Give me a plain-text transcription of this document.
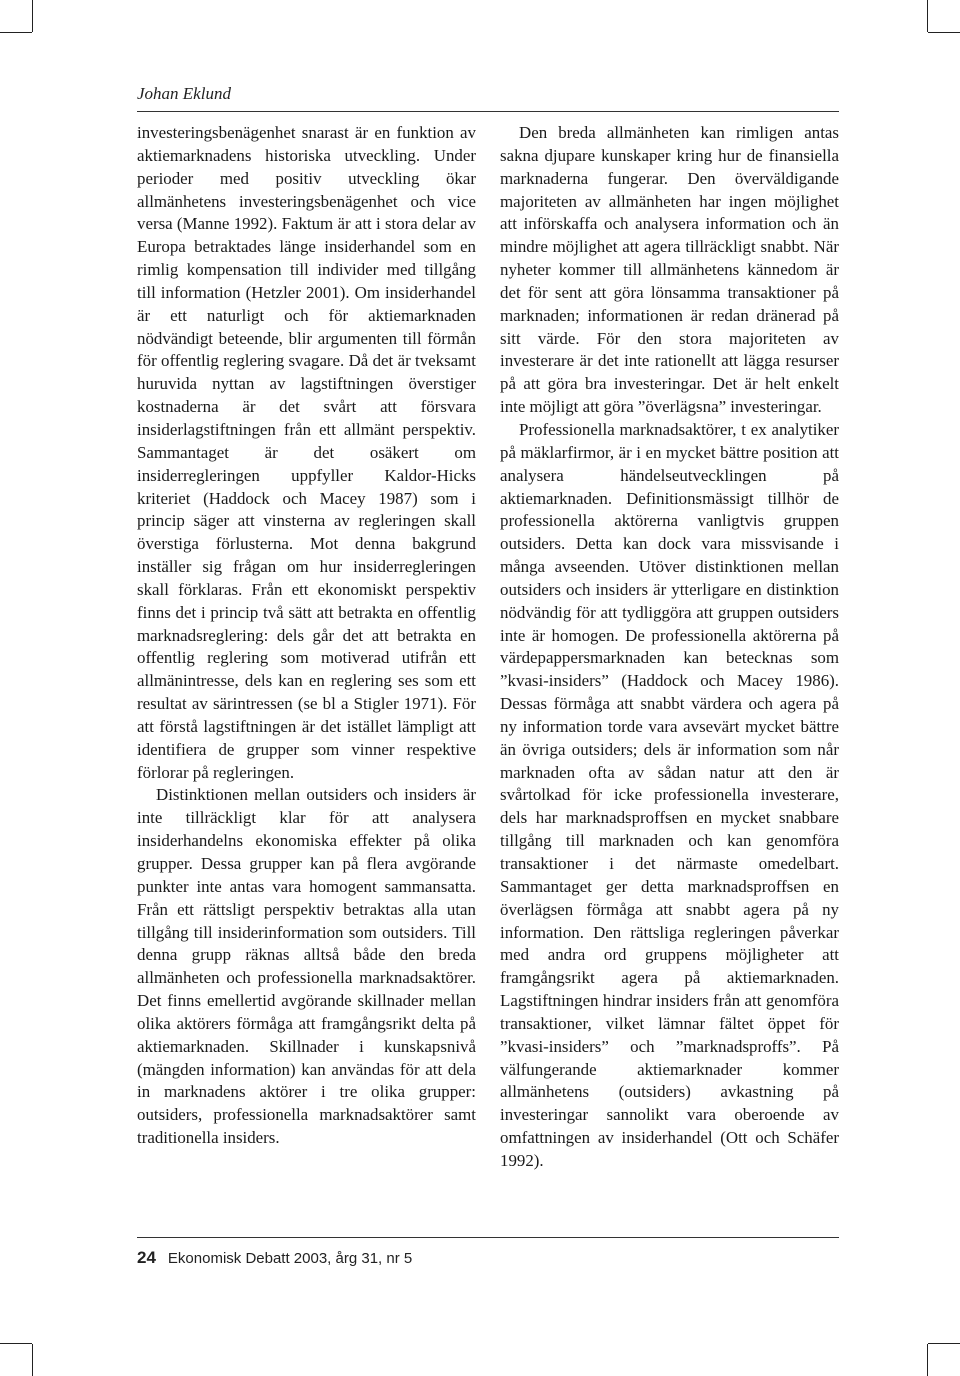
Johan Eklund

investeringsbenägenhet snarast är en funktion av aktiemarknadens historiska utveckling. Under perioder med positiv utveckling ökar allmänhetens investeringsbenägenhet och vice versa (Manne 1992). Faktum är att i stora delar av Europa betraktades länge insiderhandel som en rimlig kompensation till individer med tillgång till information (Hetzler 2001). Om insiderhandel är ett naturligt och för aktiemarknaden nödvändigt beteende, blir argumenten till förmån för offentlig reglering svagare. Då det är tveksamt huruvida nyttan av lagstiftningen överstiger kostnaderna är det svårt att försvara insiderlagstiftningen från ett allmänt perspektiv. Sammantaget är det osäkert om insiderregleringen uppfyller Kaldor-Hicks kriteriet (Haddock och Macey 1987) som i princip säger att vinsterna av regleringen skall överstiga förlusterna. Mot denna bakgrund inställer sig frågan om hur insiderregleringen skall förklaras. Från ett ekonomiskt perspektiv finns det i princip två sätt att betrakta en offentlig marknadsreglering: dels går det att betrakta en offentlig reglering som motiverad utifrån ett allmänintresse, dels kan en reglering ses som ett resultat av särintressen (se bl a Stigler 1971). För att förstå lagstiftningen är det istället lämpligt att identifiera de grupper som vinner respektive förlorar på regleringen.

Distinktionen mellan outsiders och insiders är inte tillräckligt klar för att analysera insiderhandelns ekonomiska effekter på olika grupper. Dessa grupper kan på flera avgörande punkter inte antas vara homogent sammansatta. Från ett rättsligt perspektiv betraktas alla utan tillgång till insiderinformation som outsiders. Till denna grupp räknas alltså både den breda allmänheten och professionella marknadsaktörer. Det finns emellertid avgörande skillnader mellan olika aktörers förmåga att framgångsrikt delta på aktiemarknaden. Skillnader i kunskapsnivå (mängden information) kan användas för att dela in marknadens aktörer i tre olika grupper: outsiders, professionella marknadsaktörer samt traditionella insiders.

Den breda allmänheten kan rimligen antas sakna djupare kunskaper kring hur de finansiella marknaderna fungerar. Den överväldigande majoriteten av allmänheten har ingen möjlighet att införskaffa och analysera information och än mindre möjlighet att agera tillräckligt snabbt. När nyheter kommer till allmänhetens kännedom är det för sent att göra lönsamma transaktioner på marknaden; informationen är redan dränerad på sitt värde. För den stora majoriteten av investerare är det inte rationellt att lägga resurser på att göra bra investeringar. Det är helt enkelt inte möjligt att göra ”överlägsna” investeringar.

Professionella marknadsaktörer, t ex analytiker på mäklarfirmor, är i en mycket bättre position att analysera händelseutvecklingen på aktiemarknaden. Definitionsmässigt tillhör de professionella aktörerna vanligtvis gruppen outsiders. Detta kan dock vara missvisande i många avseenden. Utöver distinktionen mellan outsiders och insiders är ytterligare en distinktion nödvändig för att tydliggöra att gruppen outsiders inte är homogen. De professionella aktörerna på värdepappersmarknaden kan betecknas som ”kvasi-insiders” (Haddock och Macey 1986). Dessas förmåga att snabbt värdera och agera på ny information torde vara avsevärt mycket bättre än övriga outsiders; dels är information som når marknaden ofta av sådan natur att den är svårtolkad för icke professionella investerare, dels har marknadsproffsen en mycket snabbare tillgång till marknaden och kan genomföra transaktioner i det närmaste omedelbart. Sammantaget ger detta marknadsproffsen en överlägsen förmåga att snabbt agera på ny information. Den rättsliga regleringen påverkar med andra ord gruppens möjligheter att framgångsrikt agera på aktiemarknaden. Lagstiftningen hindrar insiders från att genomföra transaktioner, vilket lämnar fältet öppet för ”kvasi-insiders” och ”marknadsproffs”. På välfungerande aktiemarknader kommer allmänhetens (outsiders) avkastning på investeringar sannolikt vara oberoende av omfattningen av insiderhandel (Ott och Schäfer 1992).

24 Ekonomisk Debatt 2003, årg 31, nr 5
